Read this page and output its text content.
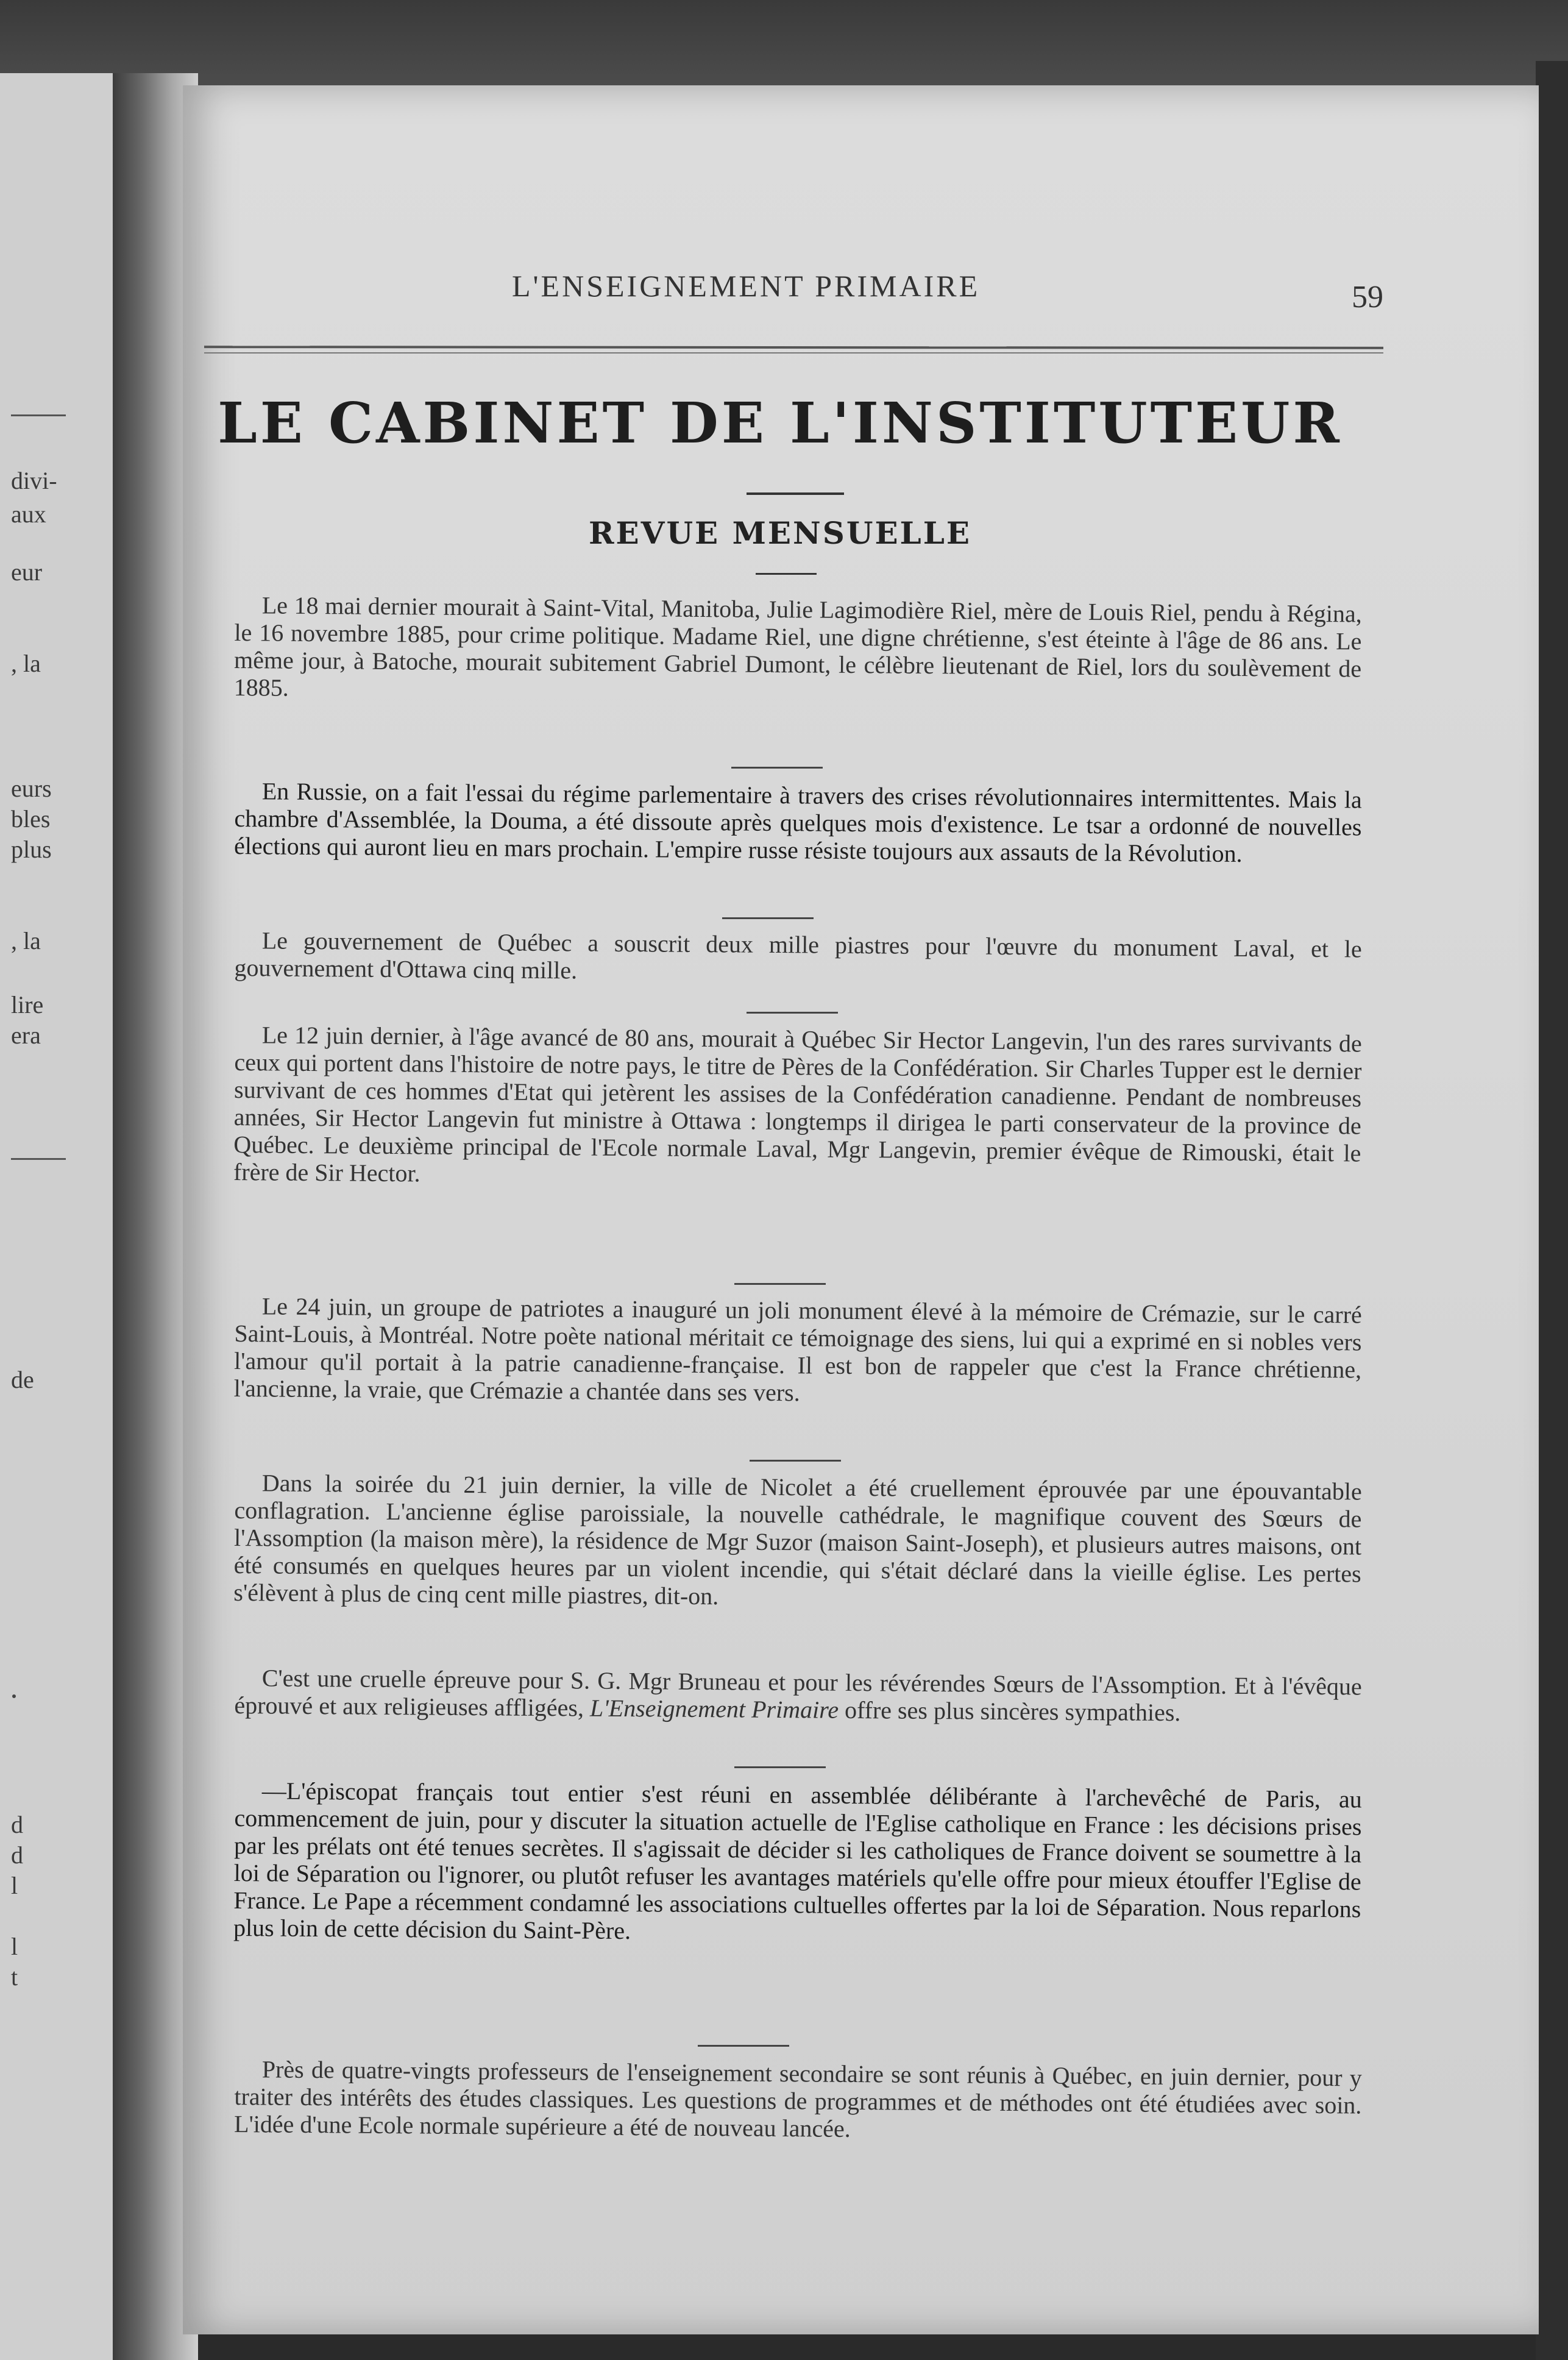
divi-
aux
eur
, la
eurs
bles
plus
, la
lire
era
de
d
d
l
l
t
L'ENSEIGNEMENT PRIMAIRE	59
LE CABINET DE L'INSTITUTEUR
REVUE MENSUELLE

Le 18 mai dernier mourait à Saint-Vital, Manitoba, Julie Lagimodière Riel, mère de Louis Riel, pendu à Régina, le 16 novembre 1885, pour crime politique. Madame Riel, une digne chrétienne, s'est éteinte à l'âge de 86 ans. Le même jour, à Batoche, mourait subitement Gabriel Dumont, le célèbre lieutenant de Riel, lors du soulèvement de 1885.

En Russie, on a fait l'essai du régime parlementaire à travers des crises révolutionnaires intermittentes. Mais la chambre d'Assemblée, la Douma, a été dissoute après quelques mois d'existence. Le tsar a ordonné de nouvelles élections qui auront lieu en mars prochain. L'empire russe résiste toujours aux assauts de la Révolution.

Le gouvernement de Québec a souscrit deux mille piastres pour l'œuvre du monument Laval, et le gouvernement d'Ottawa cinq mille.

Le 12 juin dernier, à l'âge avancé de 80 ans, mourait à Québec Sir Hector Langevin, l'un des rares survivants de ceux qui portent dans l'histoire de notre pays, le titre de Pères de la Confédération. Sir Charles Tupper est le dernier survivant de ces hommes d'Etat qui jetèrent les assises de la Confédération canadienne. Pendant de nombreuses années, Sir Hector Langevin fut ministre à Ottawa : longtemps il dirigea le parti conservateur de la province de Québec. Le deuxième principal de l'Ecole normale Laval, Mgr Langevin, premier évêque de Rimouski, était le frère de Sir Hector.

Le 24 juin, un groupe de patriotes a inauguré un joli monument élevé à la mémoire de Crémazie, sur le carré Saint-Louis, à Montréal. Notre poète national méritait ce témoignage des siens, lui qui a exprimé en si nobles vers l'amour qu'il portait à la patrie canadienne-française. Il est bon de rappeler que c'est la France chrétienne, l'ancienne, la vraie, que Crémazie a chantée dans ses vers.

Dans la soirée du 21 juin dernier, la ville de Nicolet a été cruellement éprouvée par une épouvantable conflagration. L'ancienne église paroissiale, la nouvelle cathédrale, le magnifique couvent des Sœurs de l'Assomption (la maison mère), la résidence de Mgr Suzor (maison Saint-Joseph), et plusieurs autres maisons, ont été consumés en quelques heures par un violent incendie, qui s'était déclaré dans la vieille église. Les pertes s'élèvent à plus de cinq cent mille piastres, dit-on.

C'est une cruelle épreuve pour S. G. Mgr Bruneau et pour les révérendes Sœurs de l'Assomption. Et à l'évêque éprouvé et aux religieuses affligées, L'Enseignement Primaire offre ses plus sincères sympathies.

—L'épiscopat français tout entier s'est réuni en assemblée délibérante à l'archevêché de Paris, au commencement de juin, pour y discuter la situation actuelle de l'Eglise catholique en France : les décisions prises par les prélats ont été tenues secrètes. Il s'agissait de décider si les catholiques de France doivent se soumettre à la loi de Séparation ou l'ignorer, ou plutôt refuser les avantages matériels qu'elle offre pour mieux étouffer l'Eglise de France. Le Pape a récemment condamné les associations cultuelles offertes par la loi de Séparation. Nous reparlons plus loin de cette décision du Saint-Père.

Près de quatre-vingts professeurs de l'enseignement secondaire se sont réunis à Québec, en juin dernier, pour y traiter des intérêts des études classiques. Les questions de programmes et de méthodes ont été étudiées avec soin. L'idée d'une Ecole normale supérieure a été de nouveau lancée.
